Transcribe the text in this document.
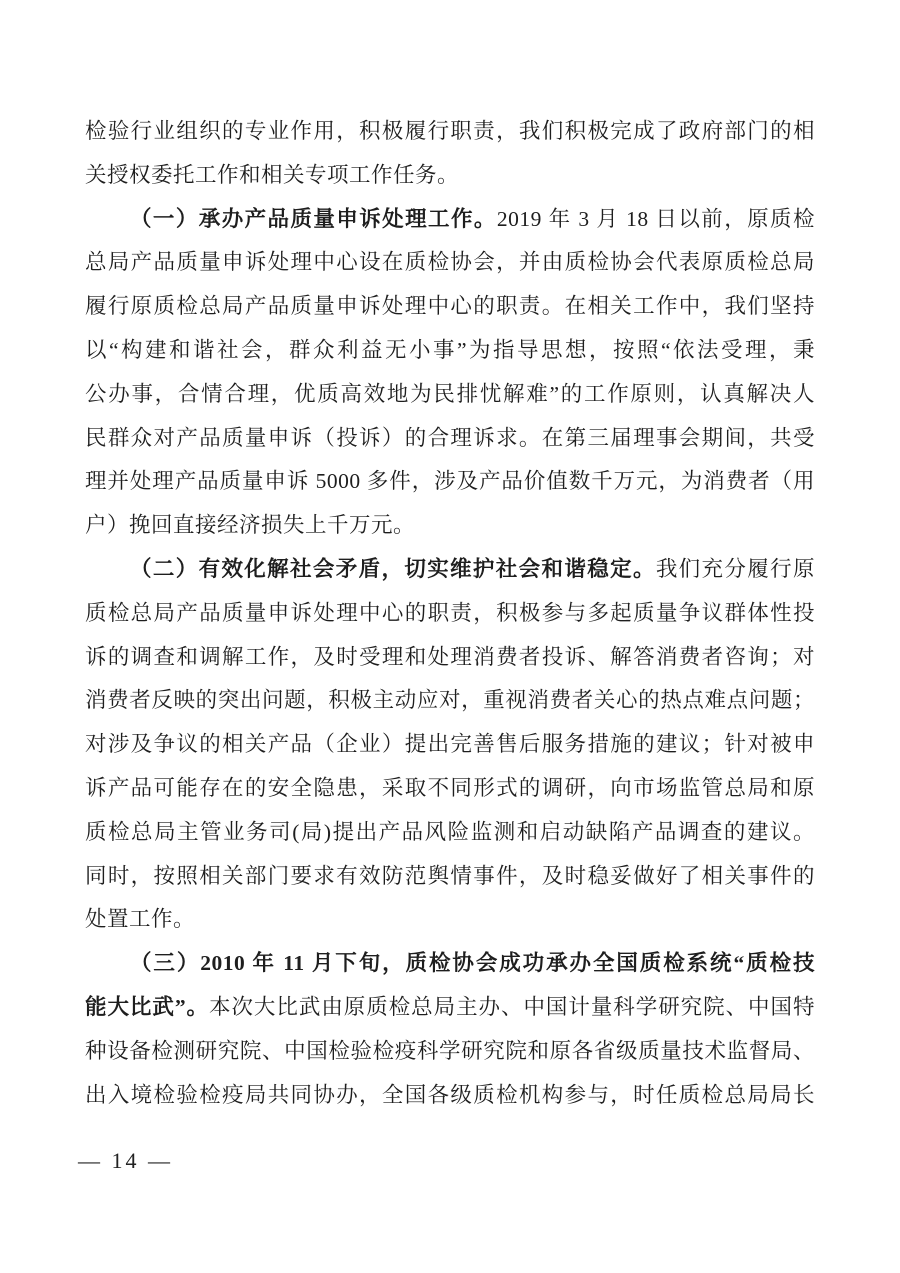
检验行业组织的专业作用，积极履行职责，我们积极完成了政府部门的相
关授权委托工作和相关专项工作任务。
（一）承办产品质量申诉处理工作。2019 年 3 月 18 日以前，原质检
总局产品质量申诉处理中心设在质检协会，并由质检协会代表原质检总局
履行原质检总局产品质量申诉处理中心的职责。在相关工作中，我们坚持
以“构建和谐社会，群众利益无小事”为指导思想，按照“依法受理，秉
公办事，合情合理，优质高效地为民排忧解难”的工作原则，认真解决人
民群众对产品质量申诉（投诉）的合理诉求。在第三届理事会期间，共受
理并处理产品质量申诉 5000 多件，涉及产品价值数千万元，为消费者（用
户）挽回直接经济损失上千万元。
（二）有效化解社会矛盾，切实维护社会和谐稳定。我们充分履行原
质检总局产品质量申诉处理中心的职责，积极参与多起质量争议群体性投
诉的调查和调解工作，及时受理和处理消费者投诉、解答消费者咨询；对
消费者反映的突出问题，积极主动应对，重视消费者关心的热点难点问题；
对涉及争议的相关产品（企业）提出完善售后服务措施的建议；针对被申
诉产品可能存在的安全隐患，采取不同形式的调研，向市场监管总局和原
质检总局主管业务司(局)提出产品风险监测和启动缺陷产品调查的建议。
同时，按照相关部门要求有效防范舆情事件，及时稳妥做好了相关事件的
处置工作。
（三）2010 年 11 月下旬，质检协会成功承办全国质检系统“质检技
能大比武”。本次大比武由原质检总局主办、中国计量科学研究院、中国特
种设备检测研究院、中国检验检疫科学研究院和原各省级质量技术监督局、
出入境检验检疫局共同协办，全国各级质检机构参与，时任质检总局局长
— 14 —
